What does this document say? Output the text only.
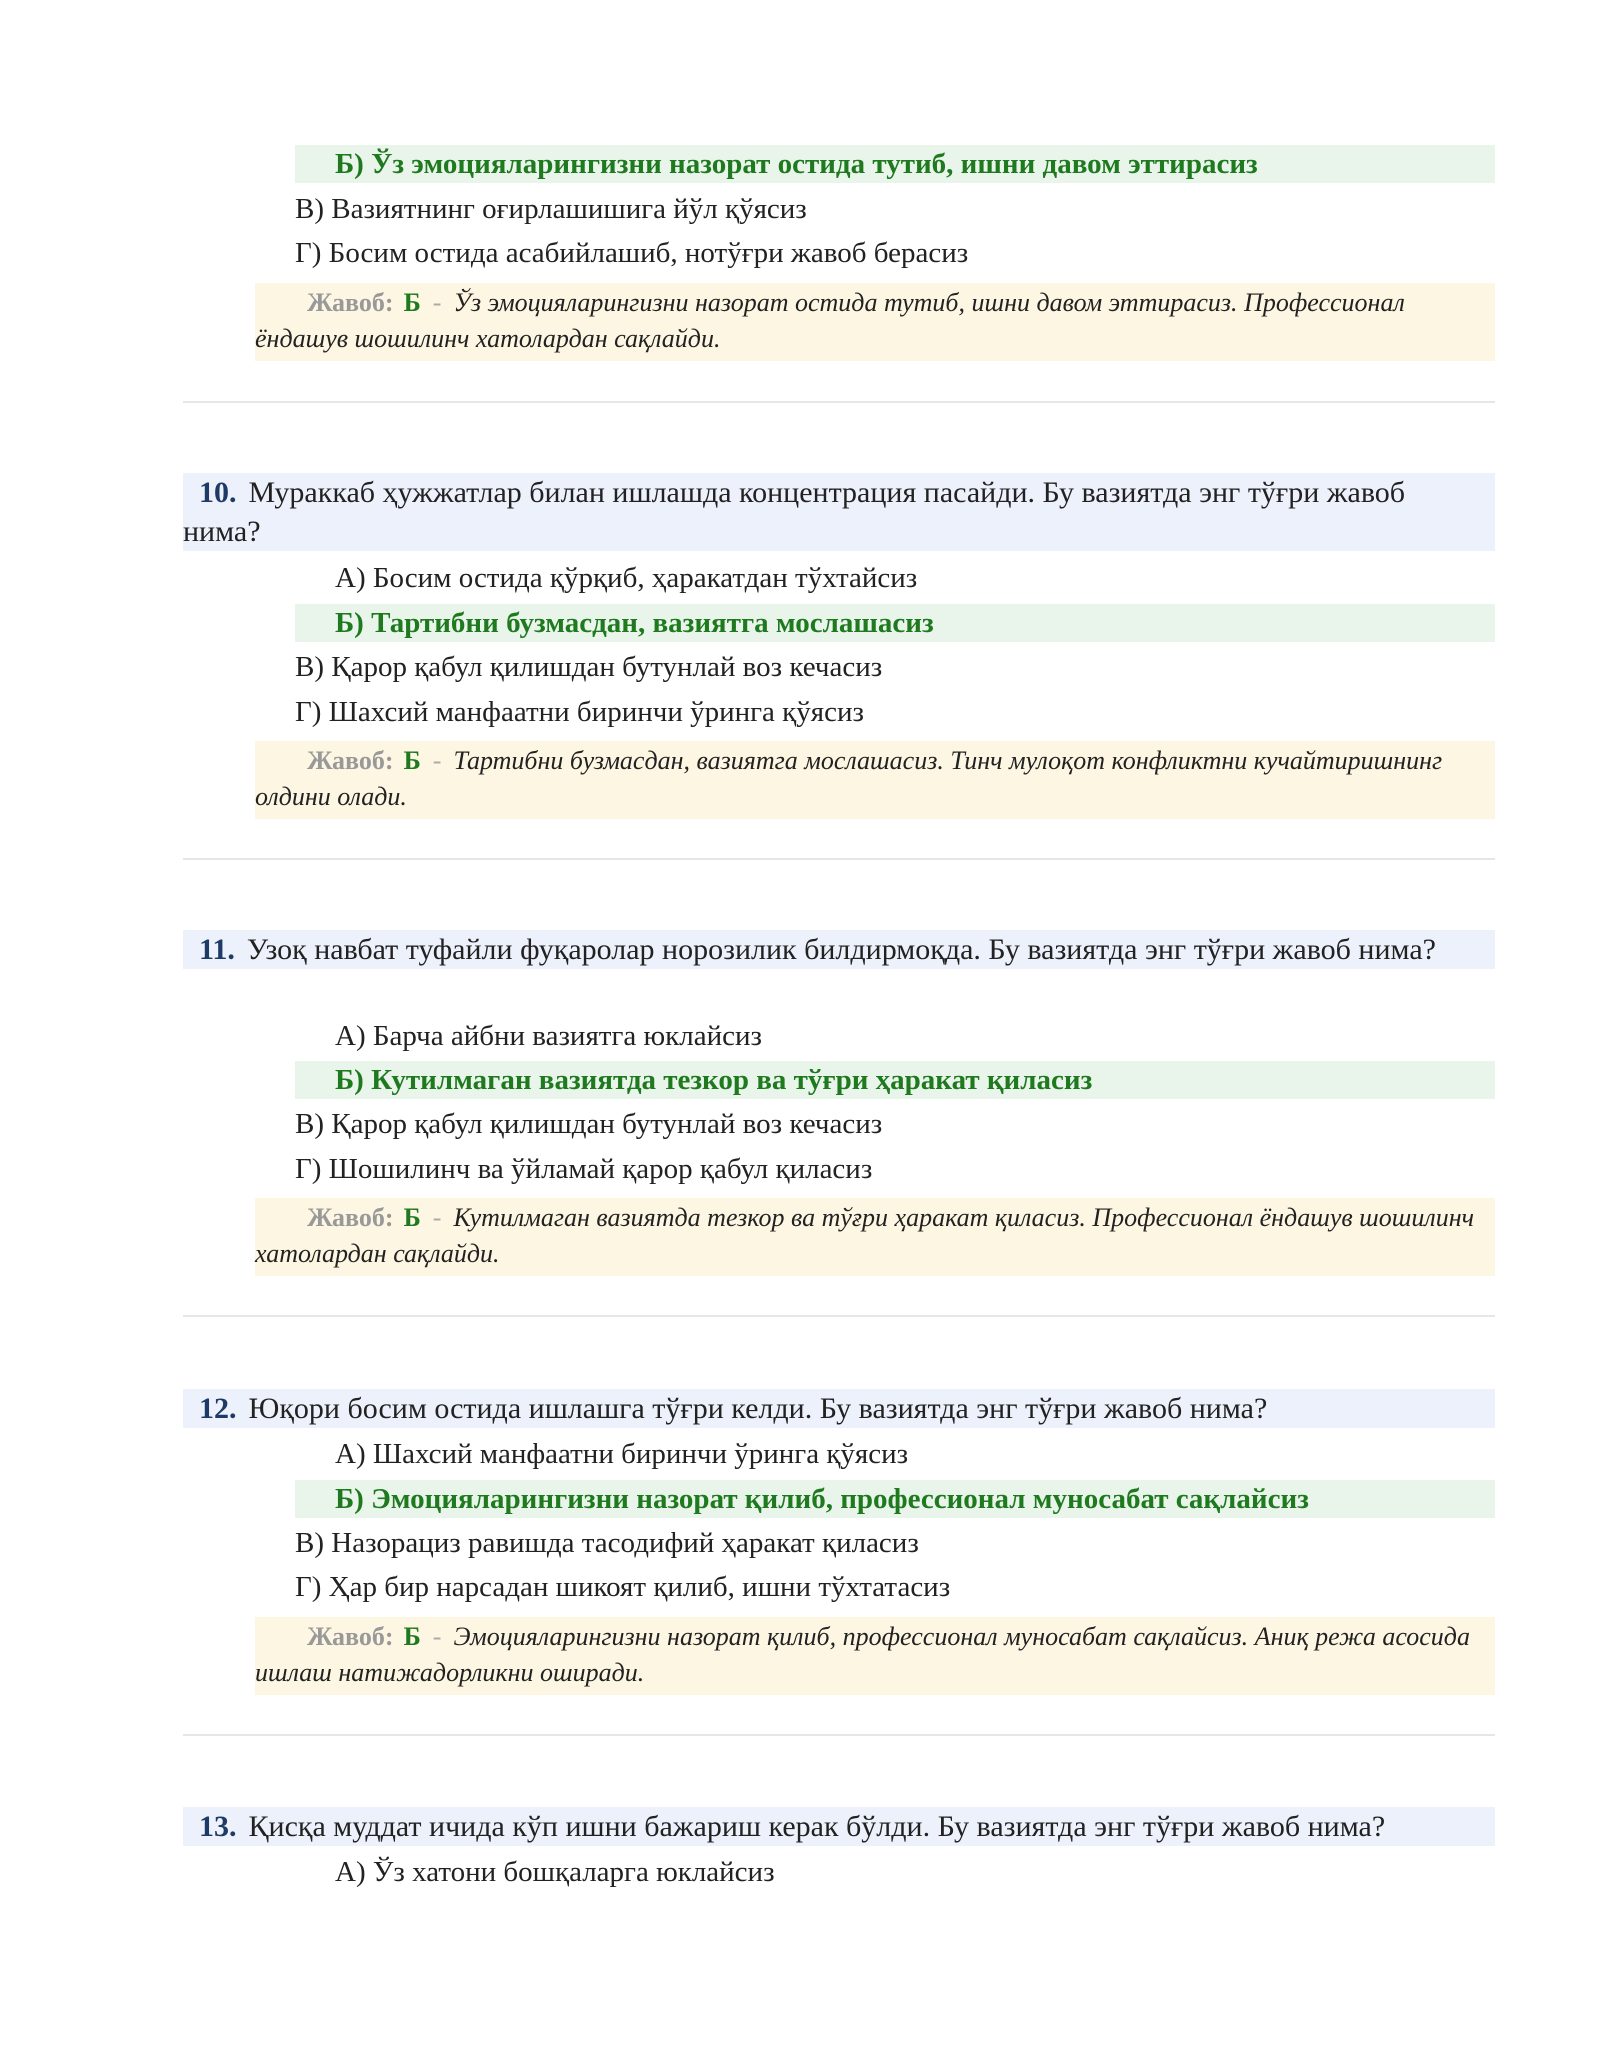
Б) Ўз эмоцияларингизни назорат остида тутиб, ишни давом эттирасиз
В) Вазиятнинг оғирлашишига йўл қўясиз
Г) Босим остида асабийлашиб, нотўғри жавоб берасиз
Жавоб: Б - Ўз эмоцияларингизни назорат остида тутиб, ишни давом эттирасиз. Профессионал ёндашув шошилинч хатолардан сақлайди.
10. Мураккаб ҳужжатлар билан ишлашда концентрация пасайди. Бу вазиятда энг тўғри жавоб нима?
А) Босим остида қўрқиб, ҳаракатдан тўхтайсиз
Б) Тартибни бузмасдан, вазиятга мослашасиз
В) Қарор қабул қилишдан бутунлай воз кечасиз
Г) Шахсий манфаатни биринчи ўринга қўясиз
Жавоб: Б - Тартибни бузмасдан, вазиятга мослашасиз. Тинч мулоқот конфликтни кучайтиришнинг олдини олади.
11. Узоқ навбат туфайли фуқаролар норозилик билдирмоқда. Бу вазиятда энг тўғри жавоб нима?
А) Барча айбни вазиятга юклайсиз
Б) Кутилмаган вазиятда тезкор ва тўғри ҳаракат қиласиз
В) Қарор қабул қилишдан бутунлай воз кечасиз
Г) Шошилинч ва ўйламай қарор қабул қиласиз
Жавоб: Б - Кутилмаган вазиятда тезкор ва тўғри ҳаракат қиласиз. Профессионал ёндашув шошилинч хатолардан сақлайди.
12. Юқори босим остида ишлашга тўғри келди. Бу вазиятда энг тўғри жавоб нима?
А) Шахсий манфаатни биринчи ўринга қўясиз
Б) Эмоцияларингизни назорат қилиб, профессионал муносабат сақлайсиз
В) Назорациз равишда тасодифий ҳаракат қиласиз
Г) Ҳар бир нарсадан шикоят қилиб, ишни тўхтатасиз
Жавоб: Б - Эмоцияларингизни назорат қилиб, профессионал муносабат сақлайсиз. Аниқ режа асосида ишлаш натижадорликни оширади.
13. Қисқа муддат ичида кўп ишни бажариш керак бўлди. Бу вазиятда энг тўғри жавоб нима?
А) Ўз хатони бошқаларга юклайсиз
